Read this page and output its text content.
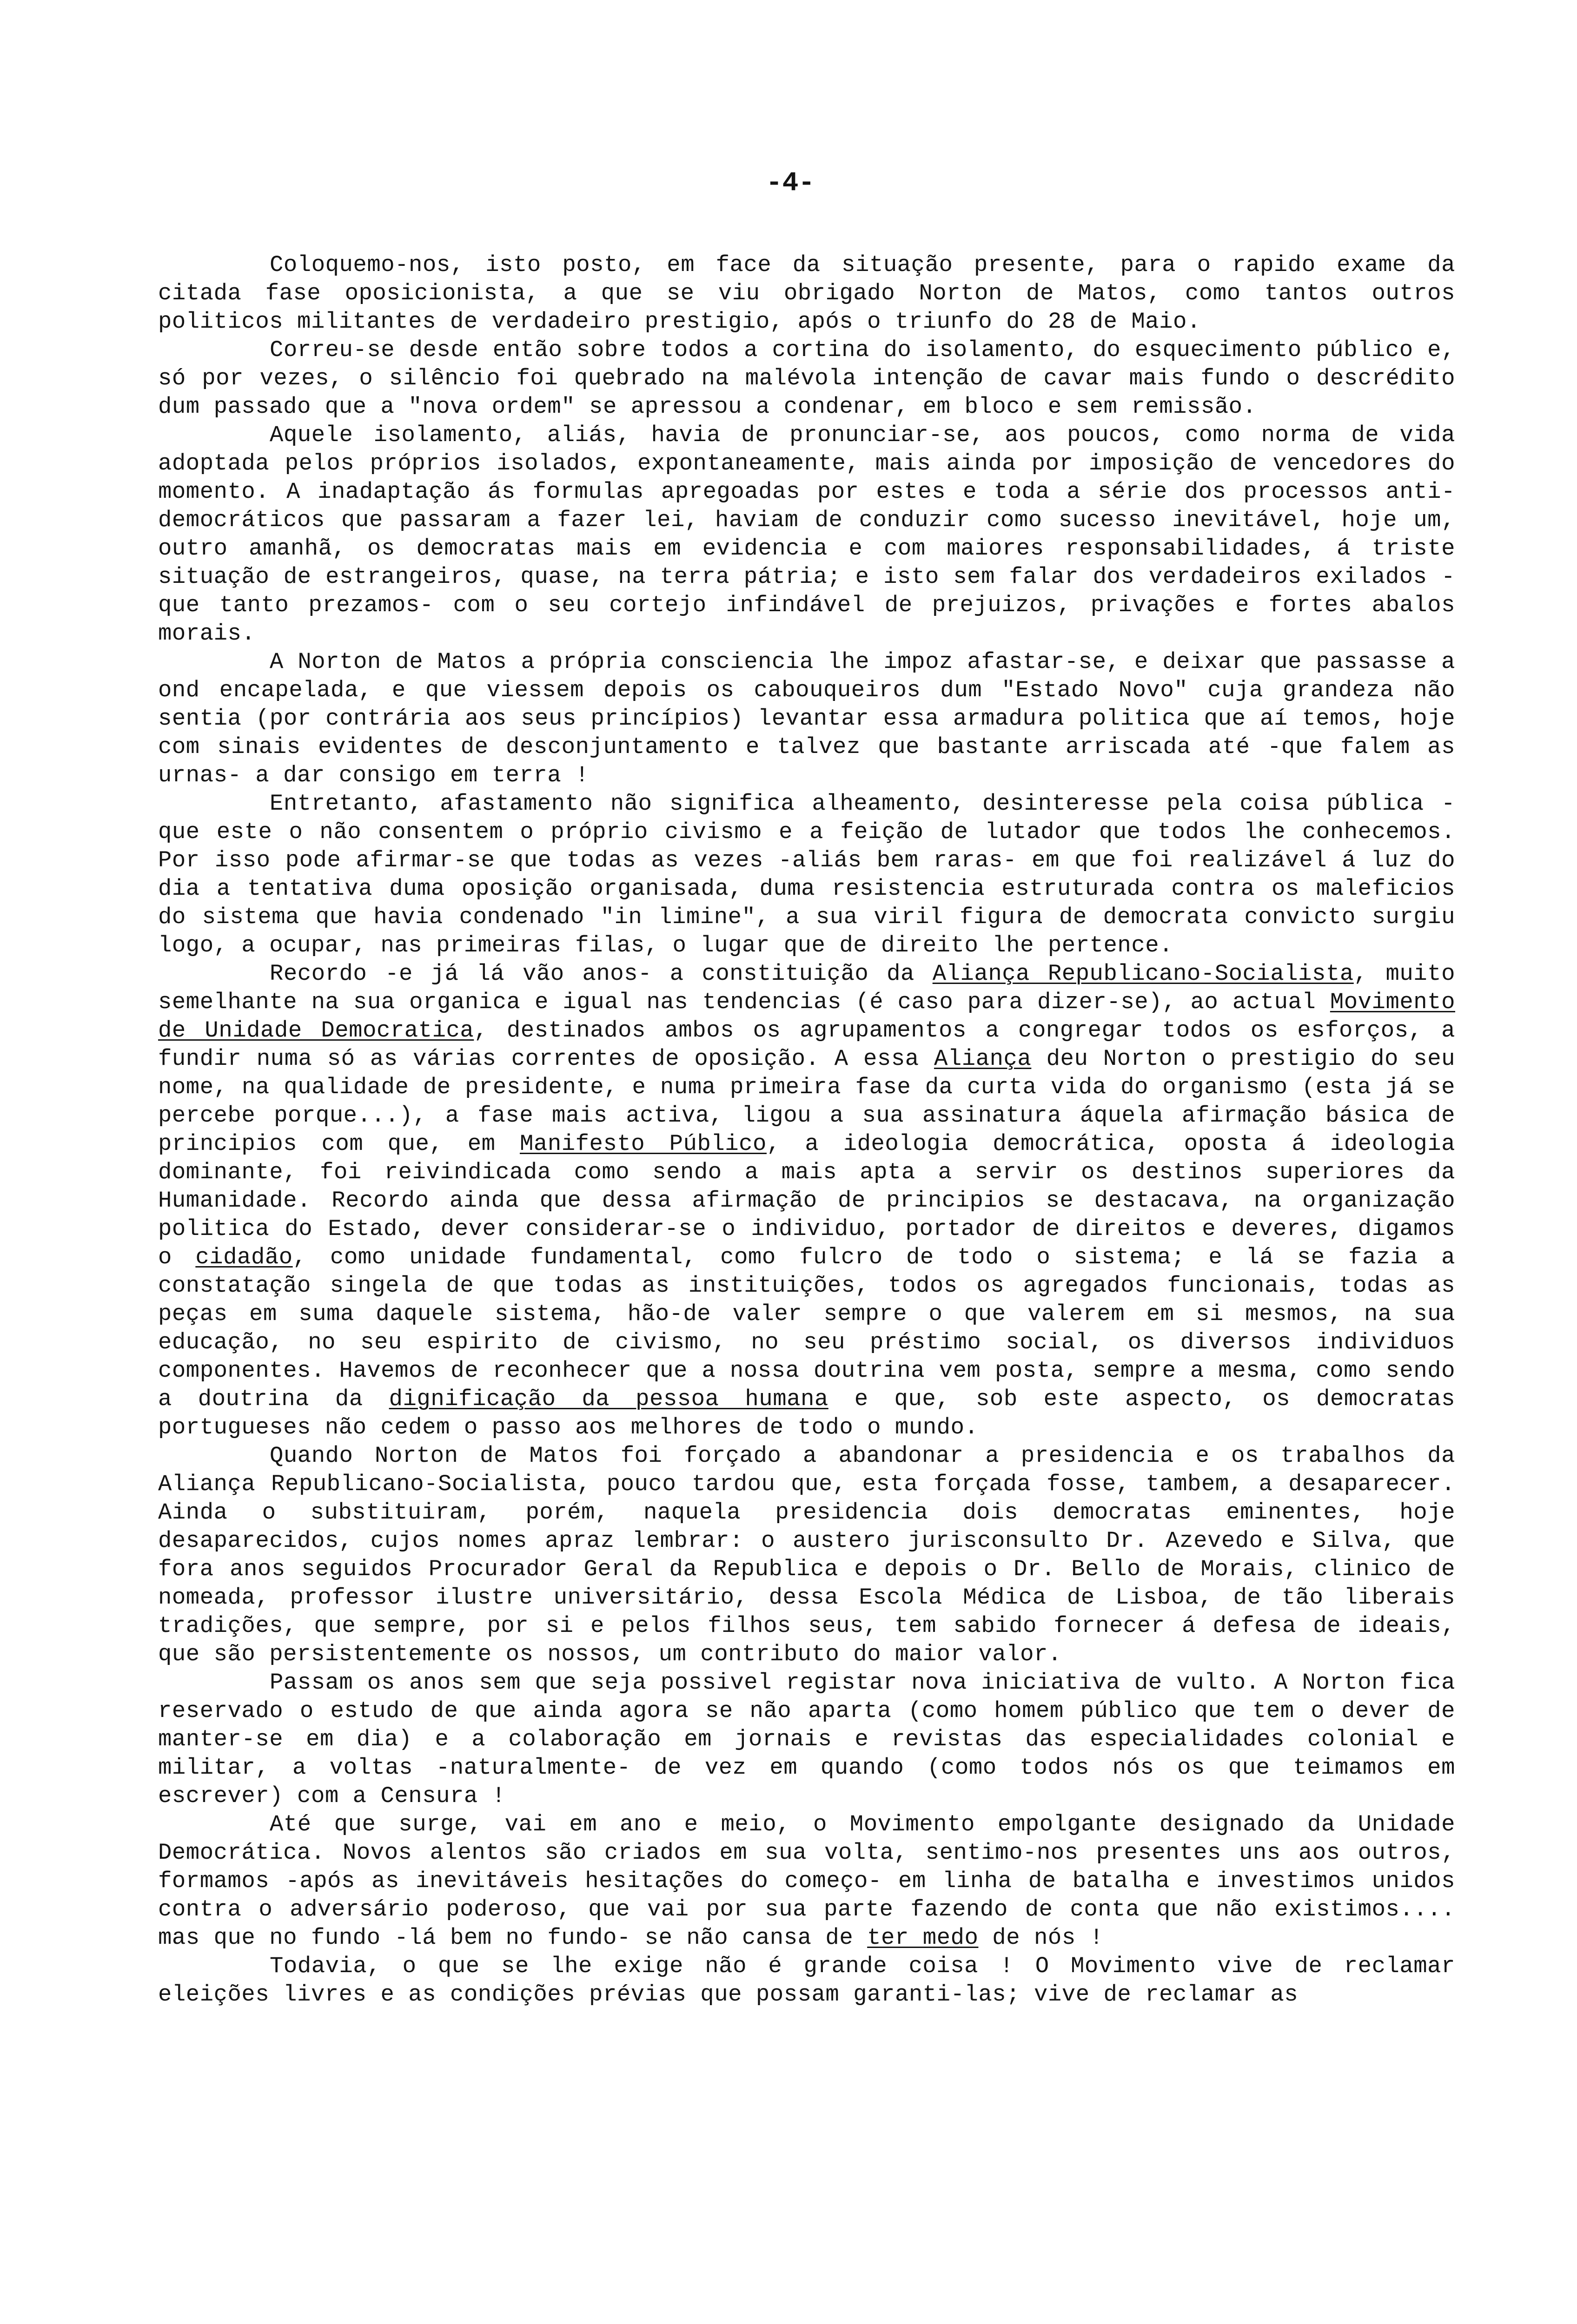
-4-

Coloquemo-nos, isto posto, em face da situação presente, para o rapido exame da citada fase oposicionista, a que se viu obrigado Norton de Matos, como tantos outros politicos militantes de verdadeiro prestigio, após o triunfo do 28 de Maio.

Correu-se desde então sobre todos a cortina do isolamento, do esquecimento público e, só por vezes, o silêncio foi quebrado na malévola intenção de cavar mais fundo o descrédito dum passado que a "nova ordem" se apressou a condenar, em bloco e sem remissão.

Aquele isolamento, aliás, havia de pronunciar-se, aos poucos, como norma de vida adoptada pelos próprios isolados, expontaneamente, mais ainda por imposição de vencedores do momento. A inadaptação ás formulas apregoadas por estes e toda a série dos processos anti-democráticos que passaram a fazer lei, haviam de conduzir como sucesso inevitável, hoje um, outro amanhã, os democratas mais em evidencia e com maiores responsabilidades, á triste situação de estrangeiros, quase, na terra pátria; e isto sem falar dos verdadeiros exilados -que tanto prezamos- com o seu cortejo infindável de prejuizos, privações e fortes abalos morais.

A Norton de Matos a própria consciencia lhe impoz afastar-se, e deixar que passasse a ond encapelada, e que viessem depois os cabouqueiros dum "Estado Novo" cuja grandeza não sentia (por contrária aos seus princípios) levantar essa armadura politica que aí temos, hoje com sinais evidentes de desconjuntamento e talvez que bastante arriscada até -que falem as urnas- a dar consigo em terra !

Entretanto, afastamento não significa alheamento, desinteresse pela coisa pública -que este o não consentem o próprio civismo e a feição de lutador que todos lhe conhecemos. Por isso pode afirmar-se que todas as vezes -aliás bem raras- em que foi realizável á luz do dia a tentativa duma oposição organisada, duma resistencia estruturada contra os maleficios do sistema que havia condenado "in limine", a sua viril figura de democrata convicto surgiu logo, a ocupar, nas primeiras filas, o lugar que de direito lhe pertence.

Recordo -e já lá vão anos- a constituição da Aliança Republicano-Socialista, muito semelhante na sua organica e igual nas tendencias (é caso para dizer-se), ao actual Movimento de Unidade Democratica, destinados ambos os agrupamentos a congregar todos os esforços, a fundir numa só as várias correntes de oposição. A essa Aliança deu Norton o prestigio do seu nome, na qualidade de presidente, e numa primeira fase da curta vida do organismo (esta já se percebe porque...), a fase mais activa, ligou a sua assinatura áquela afirmação básica de principios com que, em Manifesto Público, a ideologia democrática, oposta á ideologia dominante, foi reivindicada como sendo a mais apta a servir os destinos superiores da Humanidade. Recordo ainda que dessa afirmação de principios se destacava, na organização politica do Estado, dever considerar-se o individuo, portador de direitos e deveres, digamos o cidadão, como unidade fundamental, como fulcro de todo o sistema; e lá se fazia a constatação singela de que todas as instituições, todos os agregados funcionais, todas as peças em suma daquele sistema, hão-de valer sempre o que valerem em si mesmos, na sua educação, no seu espirito de civismo, no seu préstimo social, os diversos individuos componentes. Havemos de reconhecer que a nossa doutrina vem posta, sempre a mesma, como sendo a doutrina da dignificação da pessoa humana e que, sob este aspecto, os democratas portugueses não cedem o passo aos melhores de todo o mundo.

Quando Norton de Matos foi forçado a abandonar a presidencia e os trabalhos da Aliança Republicano-Socialista, pouco tardou que, esta forçada fosse, tambem, a desaparecer. Ainda o substituiram, porém, naquela presidencia dois democratas eminentes, hoje desaparecidos, cujos nomes apraz lembrar: o austero jurisconsulto Dr. Azevedo e Silva, que fora anos seguidos Procurador Geral da Republica e depois o Dr. Bello de Morais, clinico de nomeada, professor ilustre universitário, dessa Escola Médica de Lisboa, de tão liberais tradições, que sempre, por si e pelos filhos seus, tem sabido fornecer á defesa de ideais, que são persistentemente os nossos, um contributo do maior valor.

Passam os anos sem que seja possivel registar nova iniciativa de vulto. A Norton fica reservado o estudo de que ainda agora se não aparta (como homem público que tem o dever de manter-se em dia) e a colaboração em jornais e revistas das especialidades colonial e militar, a voltas -naturalmente- de vez em quando (como todos nós os que teimamos em escrever) com a Censura !

Até que surge, vai em ano e meio, o Movimento empolgante designado da Unidade Democrática. Novos alentos são criados em sua volta, sentimo-nos presentes uns aos outros, formamos -após as inevitáveis hesitações do começo- em linha de batalha e investimos unidos contra o adversário poderoso, que vai por sua parte fazendo de conta que não existimos.... mas que no fundo -lá bem no fundo- se não cansa de ter medo de nós !

Todavia, o que se lhe exige não é grande coisa ! O Movimento vive de reclamar eleições livres e as condições prévias que possam garanti-las; vive de reclamar as
